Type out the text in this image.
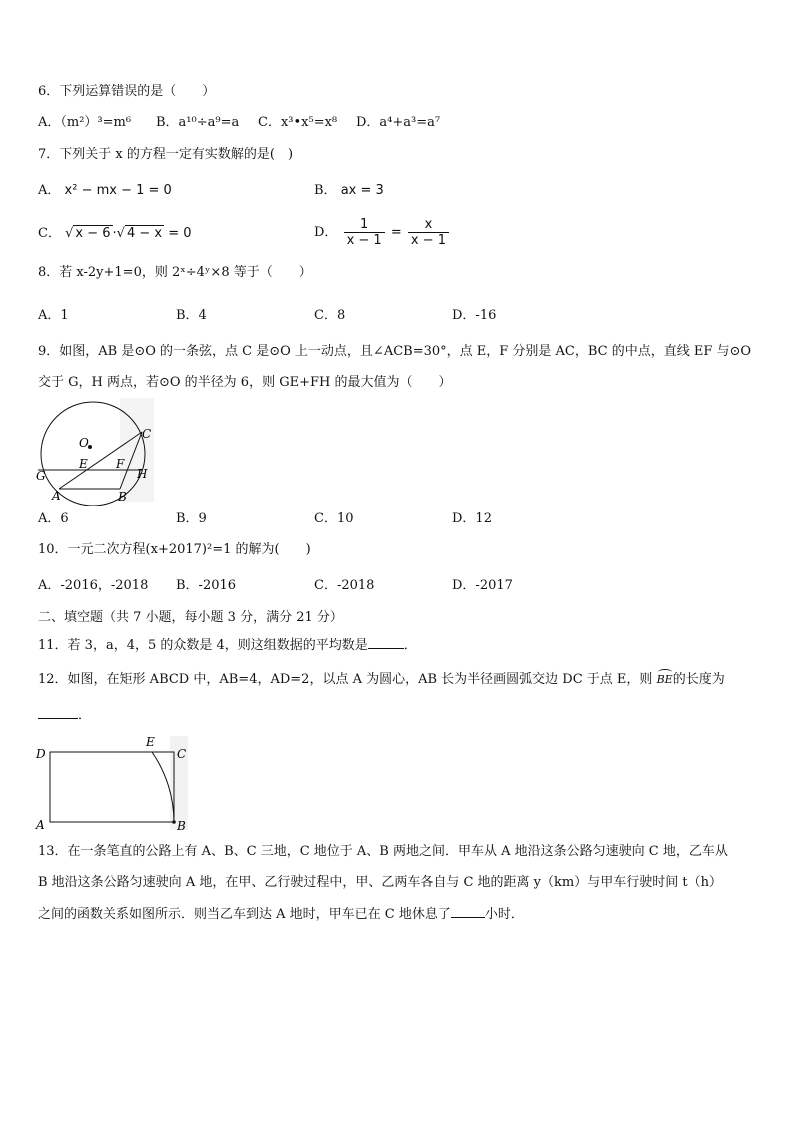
6．下列运算错误的是（　　）
A．（m²）³=m⁶ B．a¹⁰÷a⁹=a C．x³•x⁵=x⁸ D．a⁴+a³=a⁷
7．下列关于 x 的方程一定有实数解的是(　)
A． x² − mx − 1 = 0	B． ax = 3
C． √ x − 6 ·√ 4 − x = 0	D． $\frac{1}{x - 1} = \frac{x}{x - 1}$
8．若 x-2y+1=0，则 2ˣ÷4ʸ×8 等于（　　）
A．1	B．4	C．8	D．-16
9．如图，AB 是⊙O 的一条弦，点 C 是⊙O 上一动点，且∠ACB=30°，点 E，F 分别是 AC，BC 的中点，直线 EF 与⊙O
交于 G，H 两点，若⊙O 的半径为 6，则 GE+FH 的最大值为（　　）
O
C
E F
G	H
A	B
A．6	B．9	C．10	D．12
10．一元二次方程(x+2017)²=1 的解为(　　)
A．-2016，-2018 B．-2016	C．-2018	D．-2017
二、填空题（共 7 小题，每小题 3 分，满分 21 分）
11．若 3，a，4，5 的众数是 4，则这组数据的平均数是	．
12．如图，在矩形 ABCD 中，AB=4，AD=2，以点 A 为圆心，AB 长为半径画圆弧交边 DC 于点 E，则 BE的长度为
．
D
E
C
A	B
13．在一条笔直的公路上有 A、B、C 三地，C 地位于 A、B 两地之间．甲车从 A 地沿这条公路匀速驶向 C 地，乙车从
B 地沿这条公路匀速驶向 A 地，在甲、乙行驶过程中，甲、乙两车各自与 C 地的距离 y（km）与甲车行驶时间 t（h）
之间的函数关系如图所示．则当乙车到达 A 地时，甲车已在 C 地休息了	小时．
